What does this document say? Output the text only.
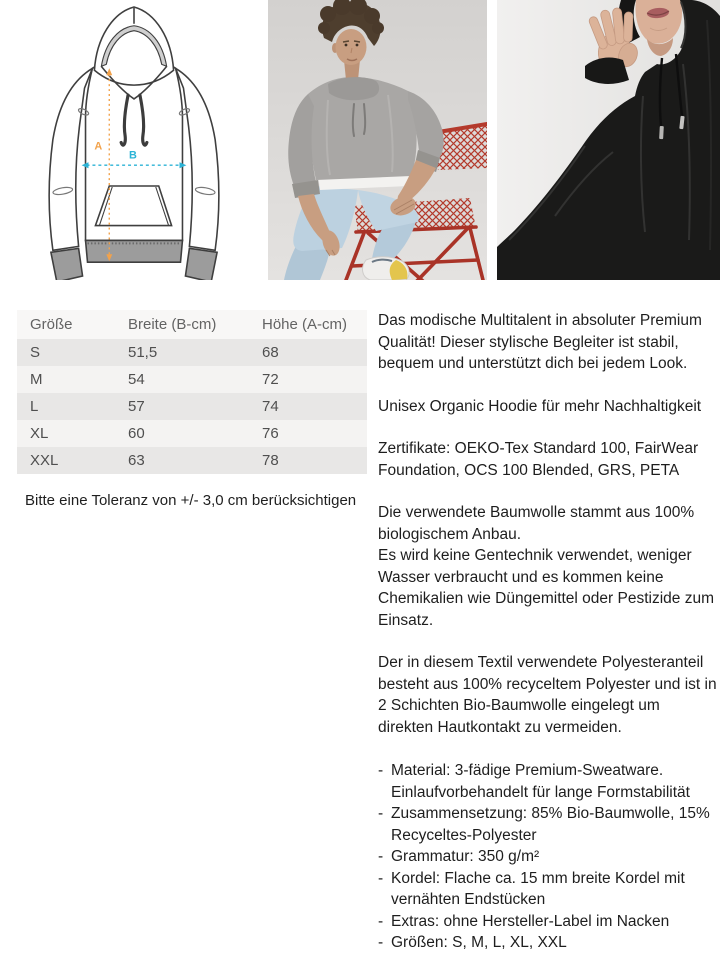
A
B
Größe	Breite (B-cm)	Höhe (A-cm)
S	51,5	68
M	54	72
L	57	74
XL	60	76
XXL	63	78
Bitte eine Toleranz von +/- 3,0 cm berücksichtigen

Das modische Multitalent in absoluter Premium Qualität! Dieser stylische Begleiter ist stabil, bequem und unterstützt dich bei jedem Look.

Unisex Organic Hoodie für mehr Nachhaltigkeit

Zertifikate: OEKO-Tex Standard 100, FairWear Foundation, OCS 100 Blended, GRS, PETA

Die verwendete Baumwolle stammt aus 100% biologischem Anbau.

Es wird keine Gentechnik verwendet, weniger Wasser verbraucht und es kommen keine Chemikalien wie Düngemittel oder Pestizide zum Einsatz.

Der in diesem Textil verwendete Polyesteranteil besteht aus 100% recyceltem Polyester und ist in 2 Schichten Bio-Baumwolle eingelegt um direkten Hautkontakt zu vermeiden.

- Material: 3-fädige Premium-Sweatware. Einlaufvorbehandelt für lange Formstabilität
- Zusammensetzung: 85% Bio-Baumwolle, 15% Recyceltes-Polyester
- Grammatur: 350 g/m²
- Kordel: Flache ca. 15 mm breite Kordel mit vernähten Endstücken
- Extras: ohne Hersteller-Label im Nacken
- Größen: S, M, L, XL, XXL
